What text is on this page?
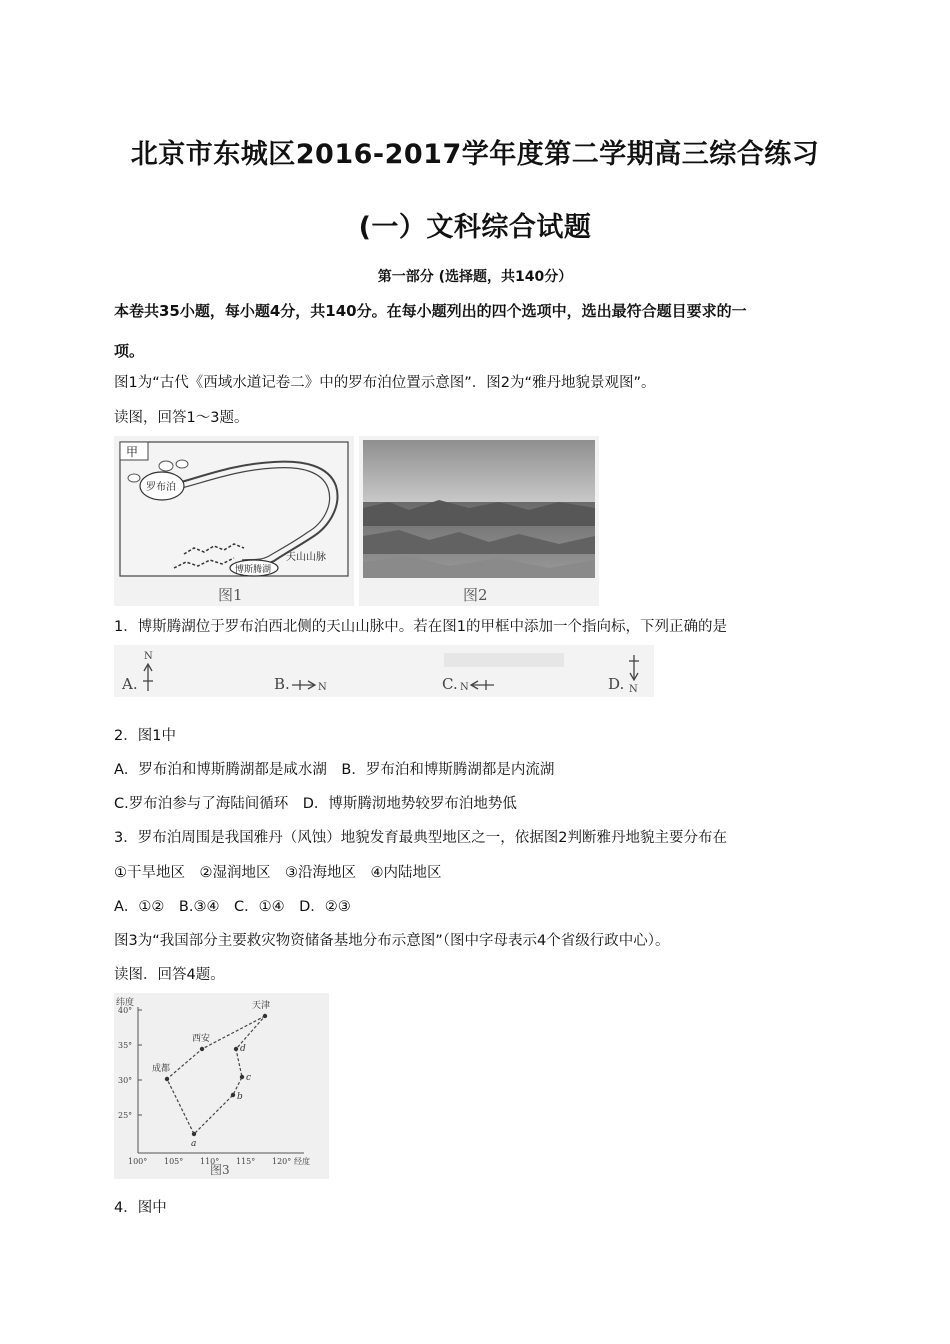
北京市东城区2016-2017学年度第二学期高三综合练习
(一）文科综合试题
第一部分 (选择题，共140分）
本卷共35小题，每小题4分，共140分。在每小题列出的四个选项中，选出最符合题目要求的一
项。
图1为“古代《西域水道记卷二》中的罗布泊位置示意图”．图2为“雅丹地貌景观图”。
读图，回答1～3题。
甲
罗布泊
天山山脉
博斯腾湖
图1	图2
1．博斯腾湖位于罗布泊西北侧的天山山脉中。若在图1的甲框中添加一个指向标，下列正确的是
A.
N
B.	N	C. N	D. N
2．图1中
A．罗布泊和博斯腾湖都是咸水湖　B．罗布泊和博斯腾湖都是内流湖
C.罗布泊参与了海陆间循环　D．博斯腾沏地势较罗布泊地势低
3．罗布泊周围是我国雅丹（风蚀）地貌发育最典型地区之一，依据图2判断雅丹地貌主要分布在
①干旱地区　②湿润地区　③沿海地区　④内陆地区
A．①②　B.③④　C．①④　D．②③
图3为“我国部分主要救灾物资储备基地分布示意图”（图中字母表示4个省级行政中心）。
读图．回答4题。
纬度
40°
35°
30°
25°
100° 105° 110° 115° 120° 经度
天津
西安
成都
a
b
c
d
图3
4．图中
